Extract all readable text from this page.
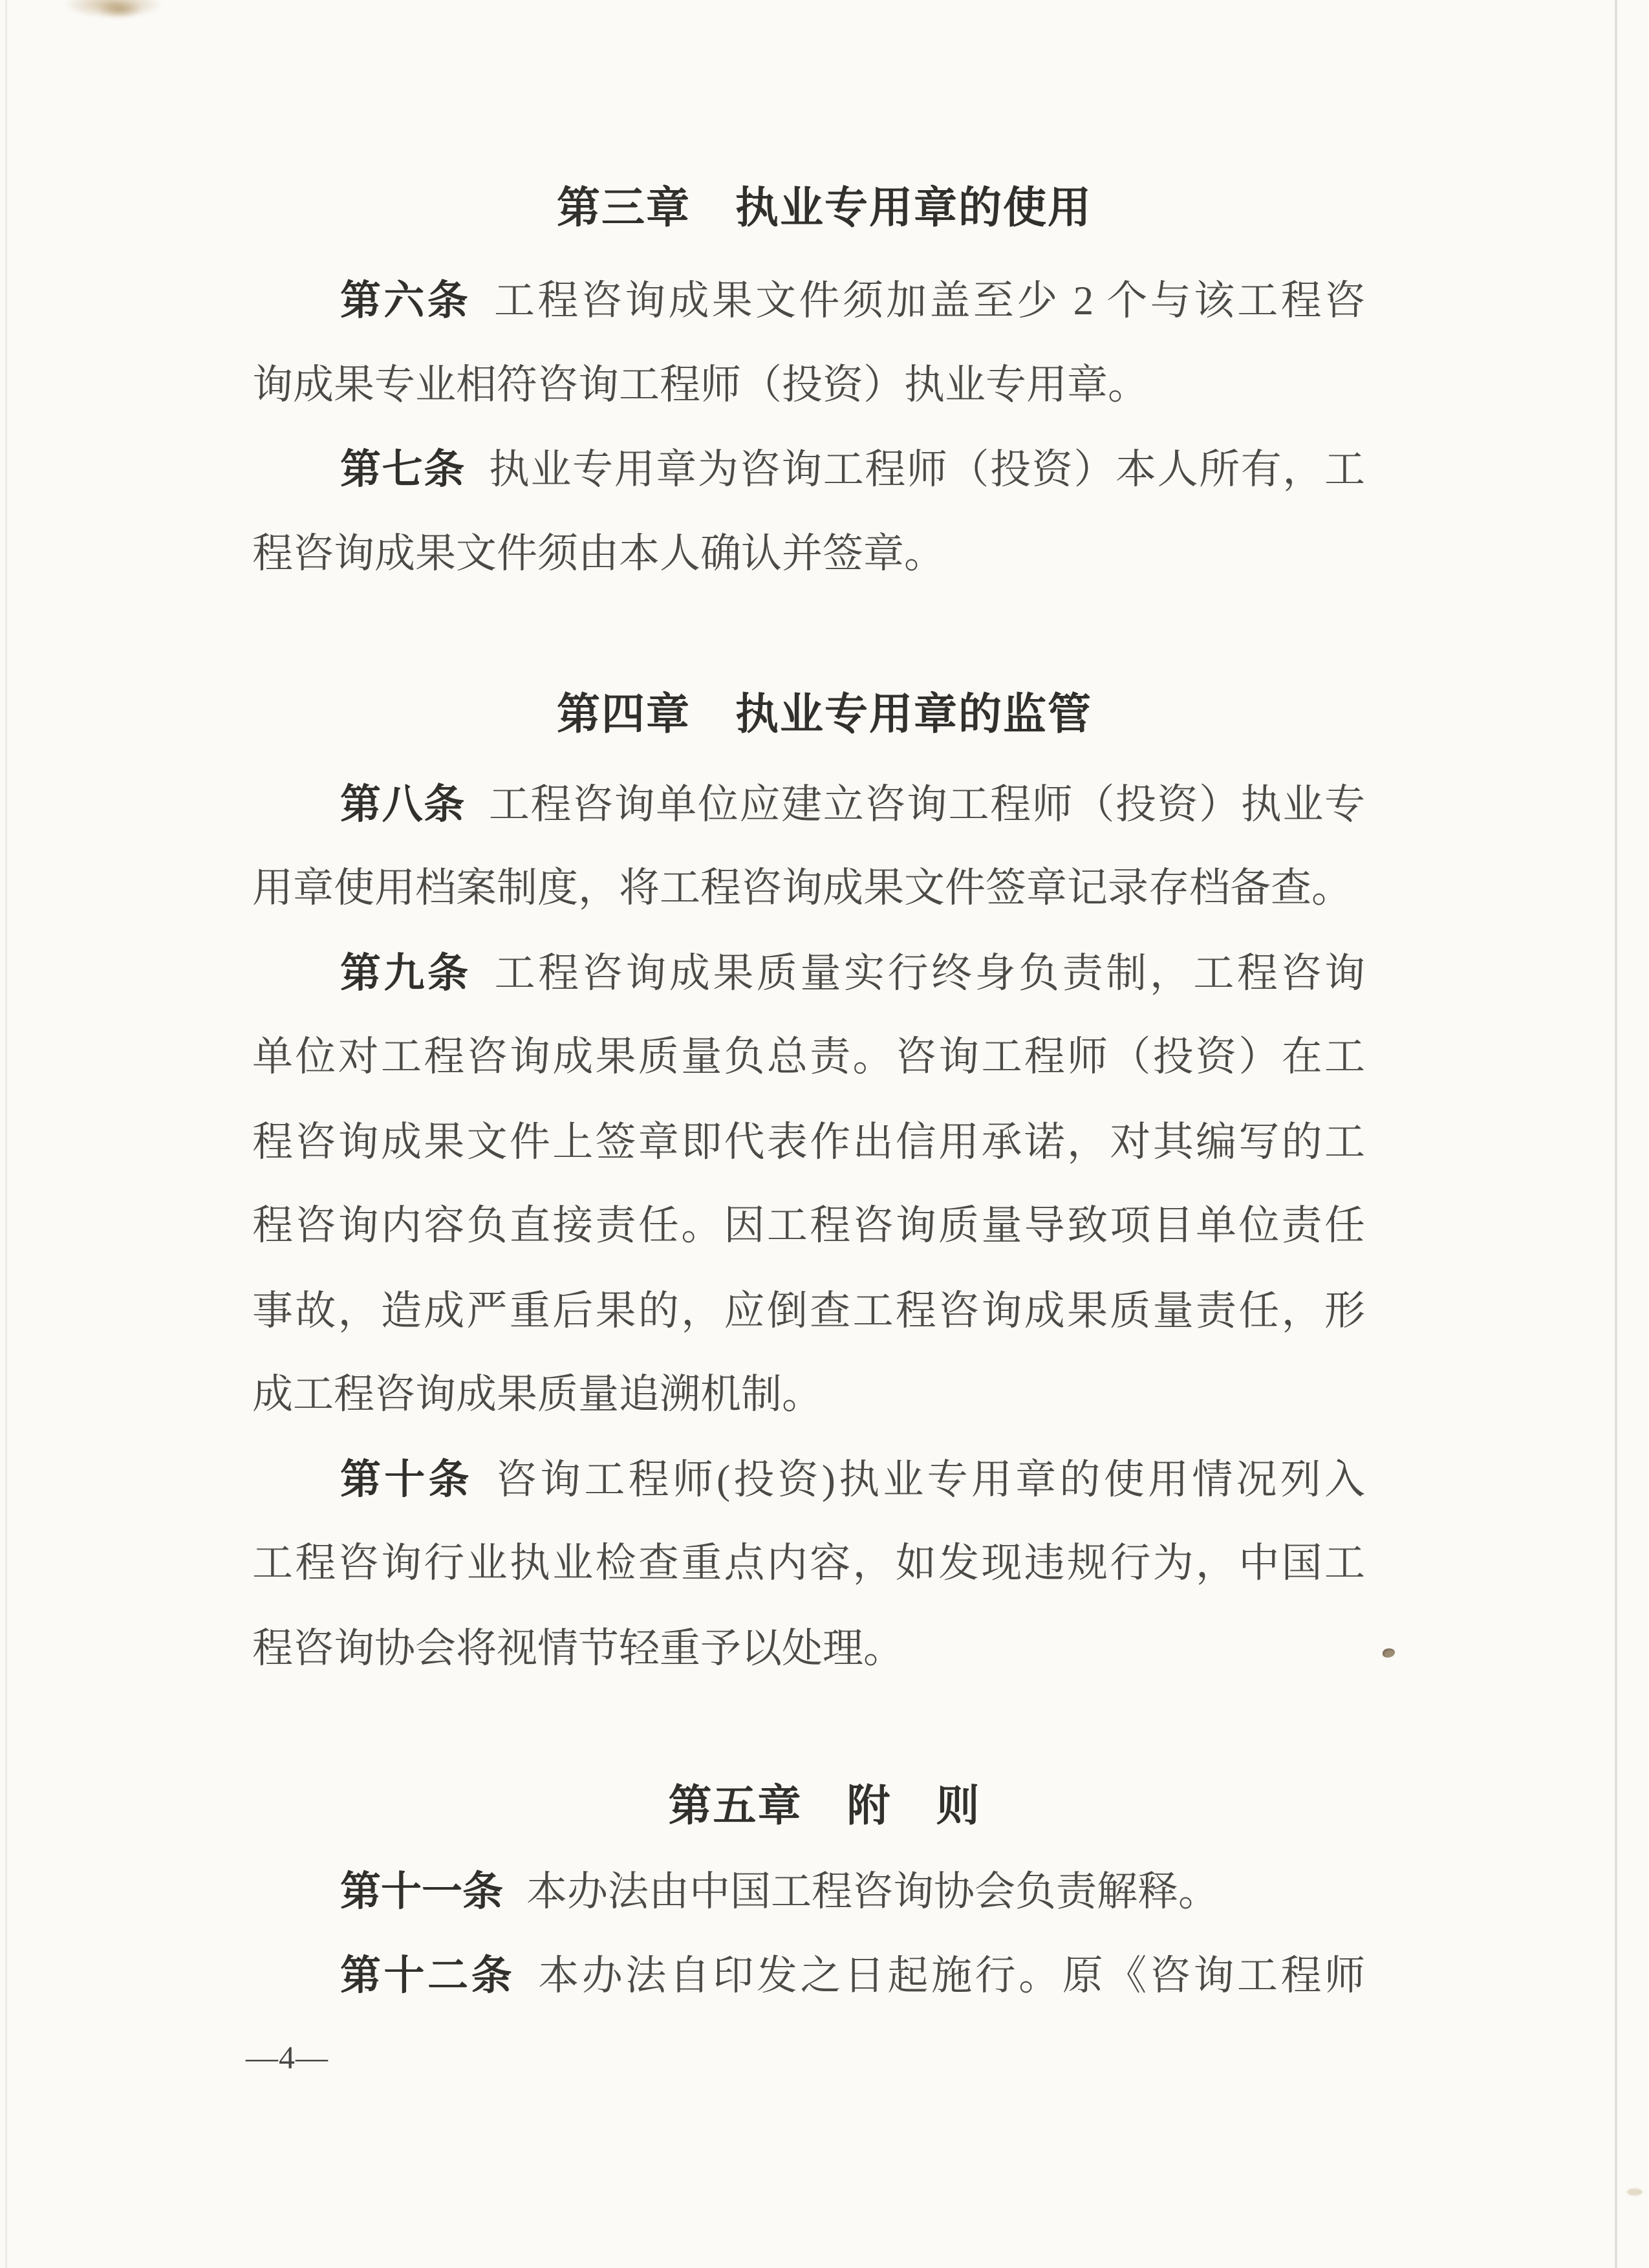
第三章　执业专用章的使用
第六条 工程咨询成果文件须加盖至少 2 个与该工程咨
询成果专业相符咨询工程师（投资）执业专用章。
第七条 执业专用章为咨询工程师（投资）本人所有，工
程咨询成果文件须由本人确认并签章。
第四章　执业专用章的监管
第八条 工程咨询单位应建立咨询工程师（投资）执业专
用章使用档案制度，将工程咨询成果文件签章记录存档备查。
第九条 工程咨询成果质量实行终身负责制，工程咨询
单位对工程咨询成果质量负总责。咨询工程师（投资）在工
程咨询成果文件上签章即代表作出信用承诺，对其编写的工
程咨询内容负直接责任。因工程咨询质量导致项目单位责任
事故，造成严重后果的，应倒查工程咨询成果质量责任，形
成工程咨询成果质量追溯机制。
第十条 咨询工程师(投资)执业专用章的使用情况列入
工程咨询行业执业检查重点内容，如发现违规行为，中国工
程咨询协会将视情节轻重予以处理。
第五章　附　则
第十一条 本办法由中国工程咨询协会负责解释。
第十二条 本办法自印发之日起施行。原《咨询工程师
—4—
